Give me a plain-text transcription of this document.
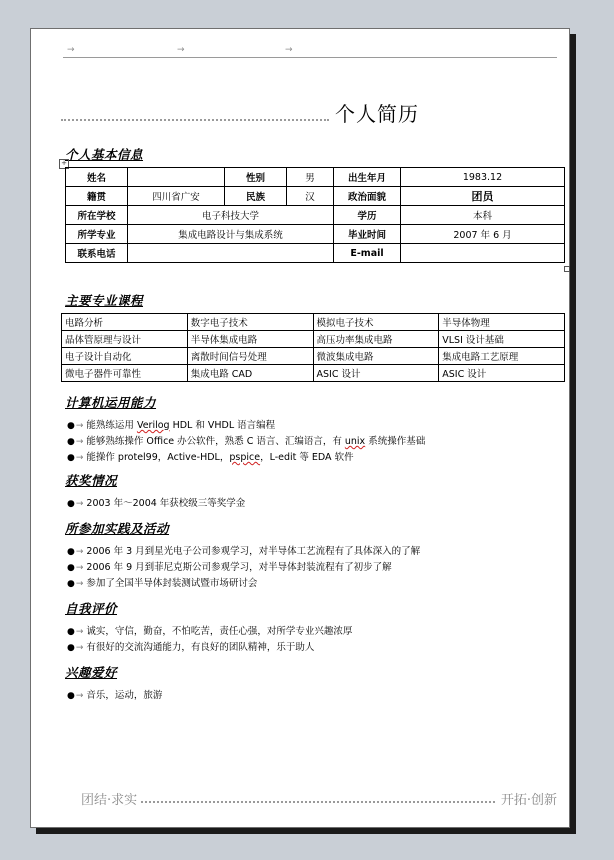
→	→	→
个人简历
个人基本信息
+
姓名		性别	男	出生年月	1983.12
籍贯	四川省广安	民族	汉	政治面貌	团员
所在学校	电子科技大学			学历	本科
所学专业	集成电路设计与集成系统			毕业时间	2007 年 6 月
联系电话				E-mail	
主要专业课程
电路分析	数字电子技术	模拟电子技术	半导体物理
晶体管原理与设计	半导体集成电路	高压功率集成电路	VLSI 设计基础
电子设计自动化	离散时间信号处理	微波集成电路	集成电路工艺原理
微电子器件可靠性	集成电路 CAD	ASIC 设计	ASIC 设计
计算机运用能力
●→ 能熟练运用 Verilog HDL 和 VHDL 语言编程
●→ 能够熟练操作 Office 办公软件，熟悉 C 语言、汇编语言，有 unix 系统操作基础
●→ 能操作 protel99，Active-HDL，pspice，L-edit 等 EDA 软件
获奖情况
●→ 2003 年～2004 年获校级三等奖学金
所参加实践及活动
●→ 2006 年 3 月到星光电子公司参观学习，对半导体工艺流程有了具体深入的了解
●→ 2006 年 9 月到菲尼克斯公司参观学习，对半导体封装流程有了初步了解
●→ 参加了全国半导体封装测试暨市场研讨会
自我评价
●→ 诚实，守信，勤奋，不怕吃苦，责任心强，对所学专业兴趣浓厚
●→ 有很好的交流沟通能力，有良好的团队精神，乐于助人
兴趣爱好
●→ 音乐，运动，旅游
团结·求实	开拓·创新
